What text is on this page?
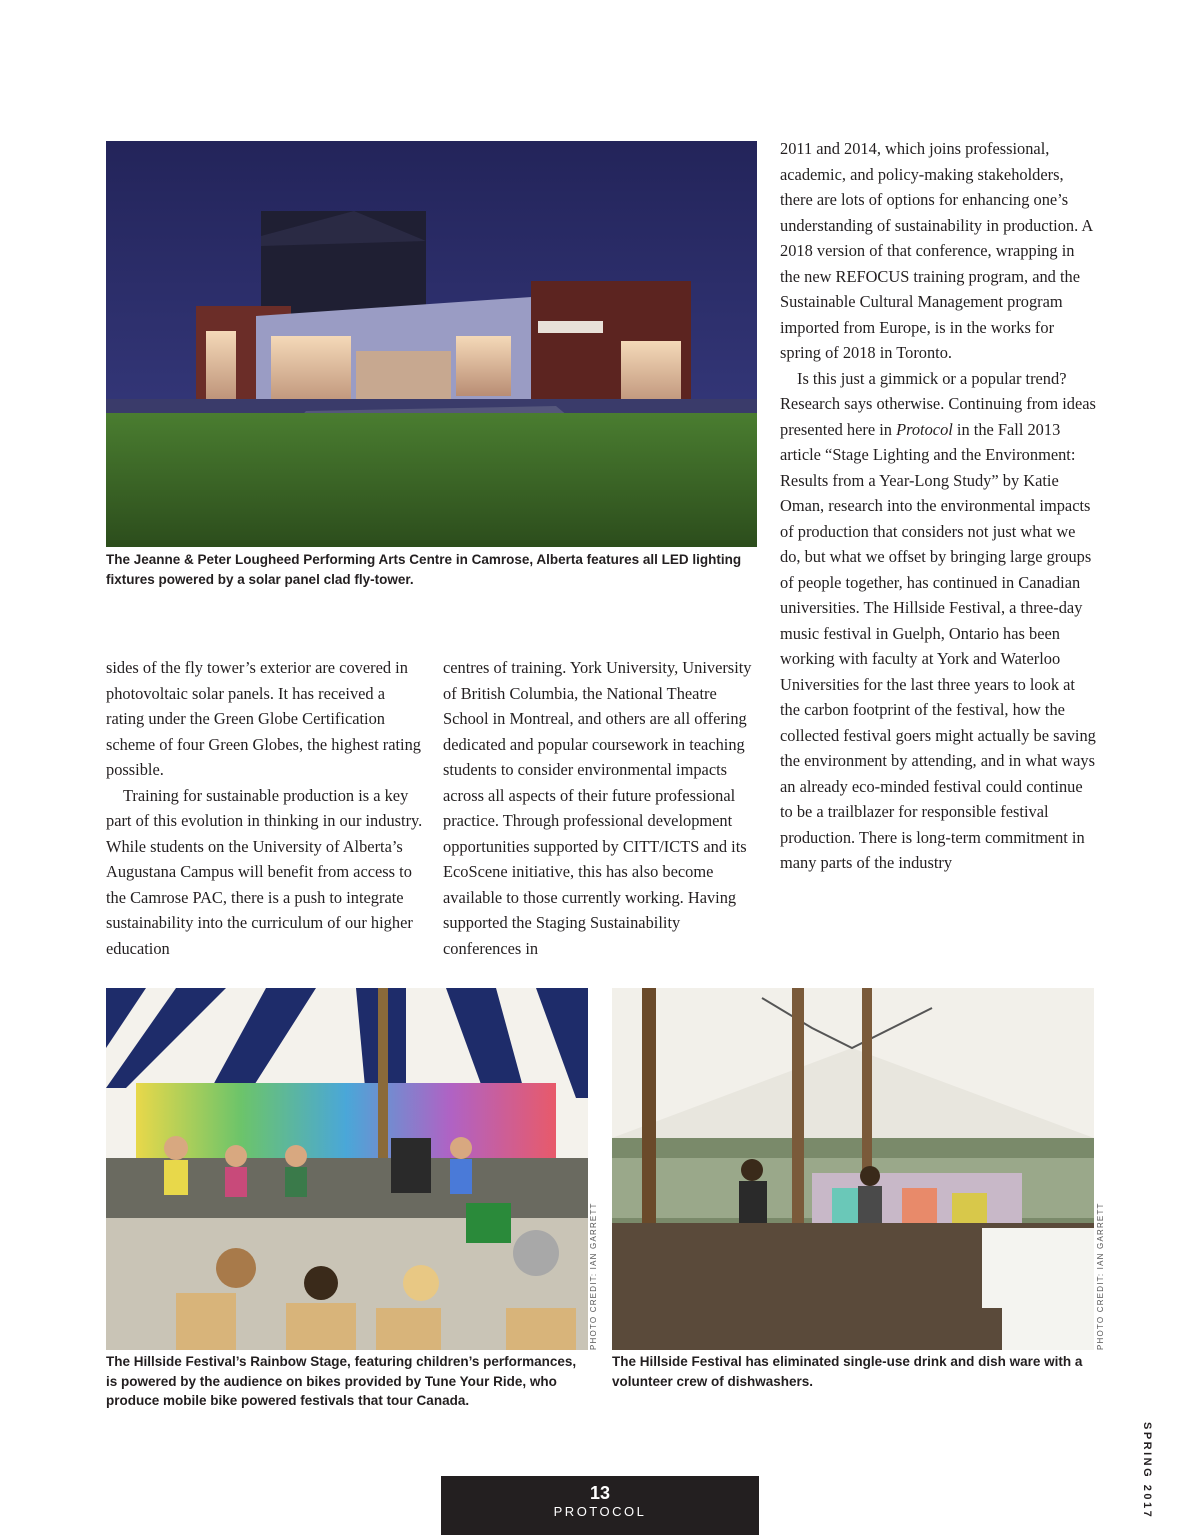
The Jeanne & Peter Lougheed Performing Arts Centre in Camrose, Alberta features all LED lighting fixtures powered by a solar panel clad fly-tower.

sides of the fly tower’s exterior are covered in photovoltaic solar panels. It has received a rating under the Green Globe Certification scheme of four Green Globes, the highest rating possible.

Training for sustainable production is a key part of this evolution in thinking in our industry. While students on the University of Alberta’s Augustana Campus will benefit from access to the Camrose PAC, there is a push to integrate sustainability into the curriculum of our higher education

centres of training. York University, University of British Columbia, the National Theatre School in Montreal, and others are all offering dedicated and popular coursework in teaching students to consider environmental impacts across all aspects of their future professional practice. Through professional development opportunities supported by CITT/ICTS and its EcoScene initiative, this has also become available to those currently working. Having supported the Staging Sustainability conferences in

2011 and 2014, which joins professional, academic, and policy-making stakeholders, there are lots of options for enhancing one’s understanding of sustainability in production. A 2018 version of that conference, wrapping in the new REFOCUS training program, and the Sustainable Cultural Management program imported from Europe, is in the works for spring of 2018 in Toronto.

Is this just a gimmick or a popular trend? Research says otherwise. Continuing from ideas presented here in Protocol in the Fall 2013 article “Stage Lighting and the Environment: Results from a Year-Long Study” by Katie Oman, research into the environmental impacts of production that considers not just what we do, but what we offset by bringing large groups of people together, has continued in Canadian universities. The Hillside Festival, a three-day music festival in Guelph, Ontario has been working with faculty at York and Waterloo Universities for the last three years to look at the carbon footprint of the festival, how the collected festival goers might actually be saving the environment by attending, and in what ways an already eco-minded festival could continue to be a trailblazer for responsible festival production. There is long-term commitment in many parts of the industry

PHOTO CREDIT: IAN GARRETT	PHOTO CREDIT: IAN GARRETT

The Hillside Festival’s Rainbow Stage, featuring children’s performances, is powered by the audience on bikes provided by Tune Your Ride, who produce mobile bike powered festivals that tour Canada.

The Hillside Festival has eliminated single-use drink and dish ware with a volunteer crew of dishwashers.

SPRING 2017
13
PROTOCOL
